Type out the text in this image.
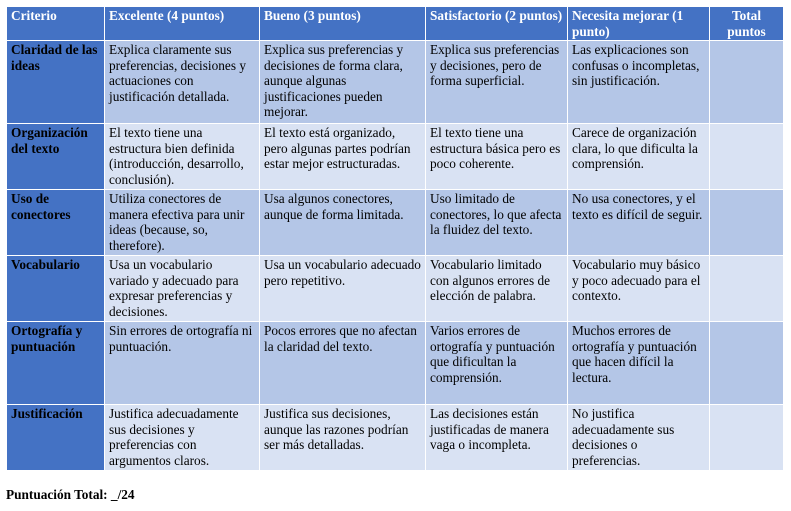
Criterio	Excelente (4 puntos)	Bueno (3 puntos)	Satisfactorio (2 puntos)	Necesita mejorar (1 punto)	Total puntos
Claridad de las ideas	Explica claramente sus preferencias, decisiones y actuaciones con justificación detallada.	Explica sus preferencias y decisiones de forma clara, aunque algunas justificaciones pueden mejorar.	Explica sus preferencias y decisiones, pero de forma superficial.	Las explicaciones son confusas o incompletas, sin justificación.	
Organización del texto	El texto tiene una estructura bien definida (introducción, desarrollo, conclusión).	El texto está organizado, pero algunas partes podrían estar mejor estructuradas.	El texto tiene una estructura básica pero es poco coherente.	Carece de organización clara, lo que dificulta la comprensión.	
Uso de conectores	Utiliza conectores de manera efectiva para unir ideas (because, so, therefore).	Usa algunos conectores, aunque de forma limitada.	Uso limitado de conectores, lo que afecta la fluidez del texto.	No usa conectores, y el texto es difícil de seguir.	
Vocabulario	Usa un vocabulario variado y adecuado para expresar preferencias y decisiones.	Usa un vocabulario adecuado pero repetitivo.	Vocabulario limitado con algunos errores de elección de palabra.	Vocabulario muy básico y poco adecuado para el contexto.	
Ortografía y puntuación	Sin errores de ortografía ni puntuación.	Pocos errores que no afectan la claridad del texto.	Varios errores de ortografía y puntuación que dificultan la comprensión.	Muchos errores de ortografía y puntuación que hacen difícil la lectura.	
Justificación	Justifica adecuadamente sus decisiones y preferencias con argumentos claros.	Justifica sus decisiones, aunque las razones podrían ser más detalladas.	Las decisiones están justificadas de manera vaga o incompleta.	No justifica adecuadamente sus decisiones o preferencias.	
Puntuación Total: _/24
